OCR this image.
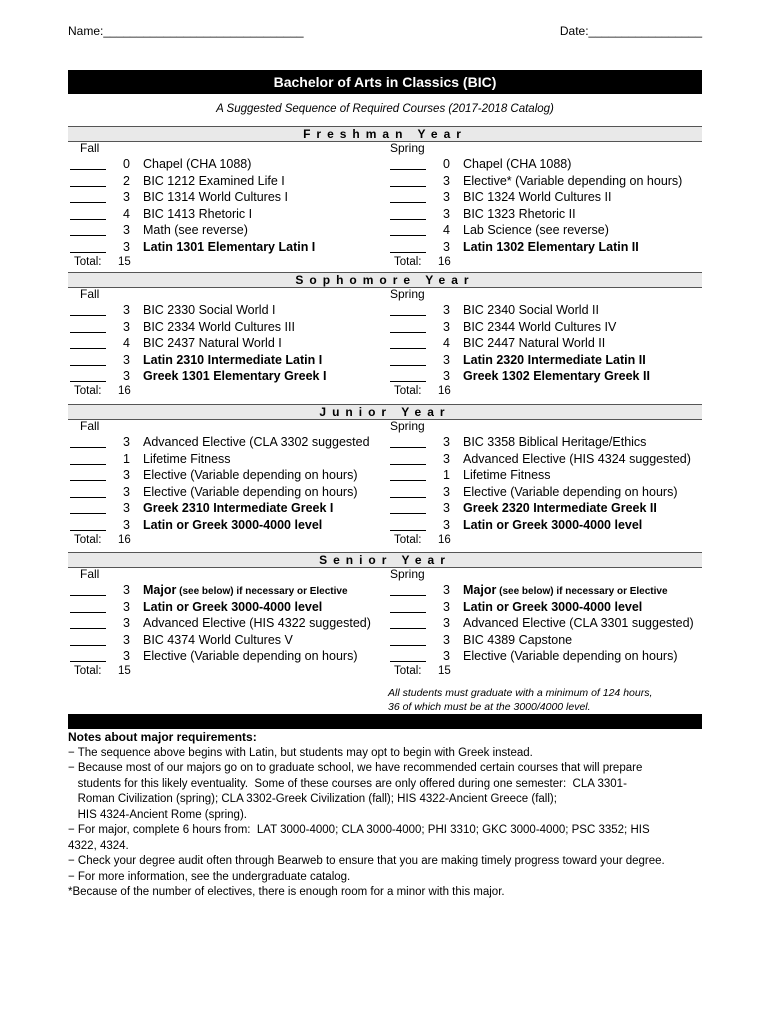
Name:______________________________	Date:_________________
Bachelor of Arts in Classics (BIC)
A Suggested Sequence of Required Courses (2017-2018 Catalog)
Freshman Year
Fall
0 Chapel (CHA 1088)
2 BIC 1212 Examined Life I
3 BIC 1314 World Cultures I
4 BIC 1413 Rhetoric I
3 Math (see reverse)
3 Latin 1301 Elementary Latin I
Total: 15
Spring
0 Chapel (CHA 1088)
3 Elective* (Variable depending on hours)
3 BIC 1324 World Cultures II
3 BIC 1323 Rhetoric II
4 Lab Science (see reverse)
3 Latin 1302 Elementary Latin II
Total: 16
Sophomore Year
Fall
3 BIC 2330 Social World I
3 BIC 2334 World Cultures III
4 BIC 2437 Natural World I
3 Latin 2310 Intermediate Latin I
3 Greek 1301 Elementary Greek I
Total: 16
Spring
3 BIC 2340 Social World II
3 BIC 2344 World Cultures IV
4 BIC 2447 Natural World II
3 Latin 2320 Intermediate Latin II
3 Greek 1302 Elementary Greek II
Total: 16
Junior Year
Fall
3 Advanced Elective (CLA 3302 suggested
1 Lifetime Fitness
3 Elective (Variable depending on hours)
3 Elective (Variable depending on hours)
3 Greek 2310 Intermediate Greek I
3 Latin or Greek 3000-4000 level
Total: 16
Spring
3 BIC 3358 Biblical Heritage/Ethics
3 Advanced Elective (HIS 4324 suggested)
1 Lifetime Fitness
3 Elective (Variable depending on hours)
3 Greek 2320 Intermediate Greek II
3 Latin or Greek 3000-4000 level
Total: 16
Senior Year
Fall
3 Major (see below) if necessary or Elective
3 Latin or Greek 3000-4000 level
3 Advanced Elective (HIS 4322 suggested)
3 BIC 4374 World Cultures V
3 Elective (Variable depending on hours)
Total: 15
Spring
3 Major (see below) if necessary or Elective
3 Latin or Greek 3000-4000 level
3 Advanced Elective (CLA 3301 suggested)
3 BIC 4389 Capstone
3 Elective (Variable depending on hours)
Total: 15
All students must graduate with a minimum of 124 hours,
36 of which must be at the 3000/4000 level.

Notes about major requirements:

− The sequence above begins with Latin, but students may opt to begin with Greek instead.

− Because most of our majors go on to graduate school, we have recommended certain courses that will prepare

students for this likely eventuality.  Some of these courses are only offered during one semester:  CLA 3301-

Roman Civilization (spring); CLA 3302-Greek Civilization (fall); HIS 4322-Ancient Greece (fall);

HIS 4324-Ancient Rome (spring).

− For major, complete 6 hours from:  LAT 3000-4000; CLA 3000-4000; PHI 3310; GKC 3000-4000; PSC 3352; HIS

4322, 4324.

− Check your degree audit often through Bearweb to ensure that you are making timely progress toward your degree.

− For more information, see the undergraduate catalog.

*Because of the number of electives, there is enough room for a minor with this major.
